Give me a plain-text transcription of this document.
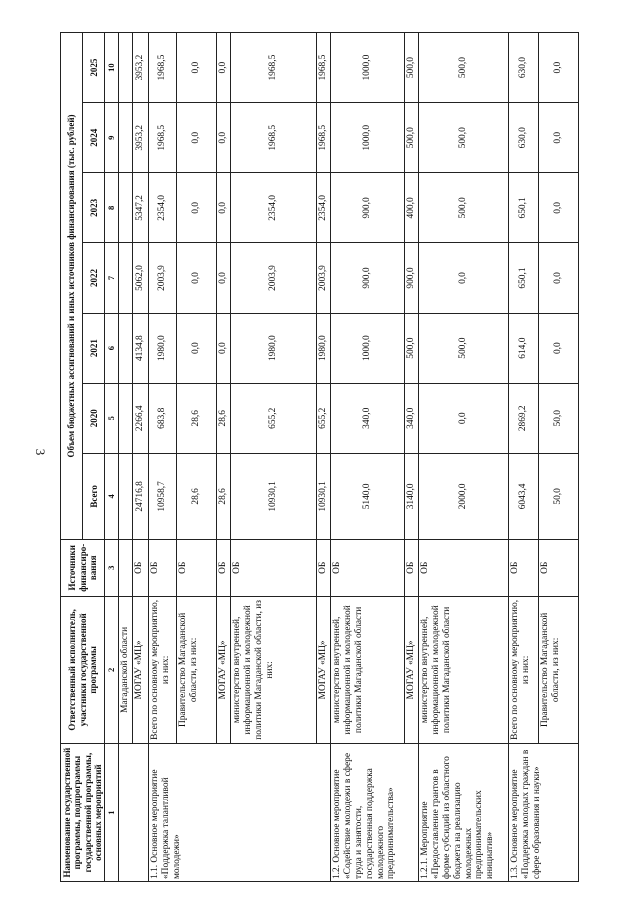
3
Наименование государственной программы, подпрограммы государственной программы, основных мероприятий	Ответственный исполнитель, участники государственной программы	Источники финансирования	Объем бюджетных ассигнований и иных источников финансирования (тыс. рублей)						
			Всего	2020	2021	2022	2023	2024	2025
1	2	3	4	5	6	7	8	9	10
	Магаданской области								
	МОГАУ «МЦ»	ОБ	24716,8	2266,4	4134,8	5062,0	5347,2	3953,2	3953,2
1.1. Основное мероприятие «Поддержка талантливой молодежи»	Всего по основному мероприятию, из них:	ОБ	10958,7	683,8	1980,0	2003,9	2354,0	1968,5	1968,5
	Правительство Магаданской области, из них:	ОБ	28,6	28,6	0,0	0,0	0,0	0,0	0,0
	МОГАУ «МЦ»	ОБ	28,6	28,6	0,0	0,0	0,0	0,0	0,0
	министерство внутренней, информационной и молодежной политики Магаданской области, из них:	ОБ	10930,1	655,2	1980,0	2003,9	2354,0	1968,5	1968,5
	МОГАУ «МЦ»	ОБ	10930,1	655,2	1980,0	2003,9	2354,0	1968,5	1968,5
1.2. Основное мероприятие «Содействие молодежи в сфере труда и занятости, государственная поддержка молодежного предпринимательства»	министерство внутренней, информационной и молодежной политики Магаданской области	ОБ	5140,0	340,0	1000,0	900,0	900,0	1000,0	1000,0
	МОГАУ «МЦ»	ОБ	3140,0	340,0	500,0	900,0	400,0	500,0	500,0
1.2.1. Мероприятие «Предоставление грантов в форме субсидий из областного бюджета на реализацию молодежных предпринимательских инициатив»	министерство внутренней, информационной и молодежной политики Магаданской области	ОБ	2000,0	0,0	500,0	0,0	500,0	500,0	500,0
1.3. Основное мероприятие «Поддержка молодых граждан в сфере образования и науки»	Всего по основному мероприятию, из них:	ОБ	6043,4	2869,2	614,0	650,1	650,1	630,0	630,0
	Правительство Магаданской области, из них:	ОБ	50,0	50,0	0,0	0,0	0,0	0,0	0,0
